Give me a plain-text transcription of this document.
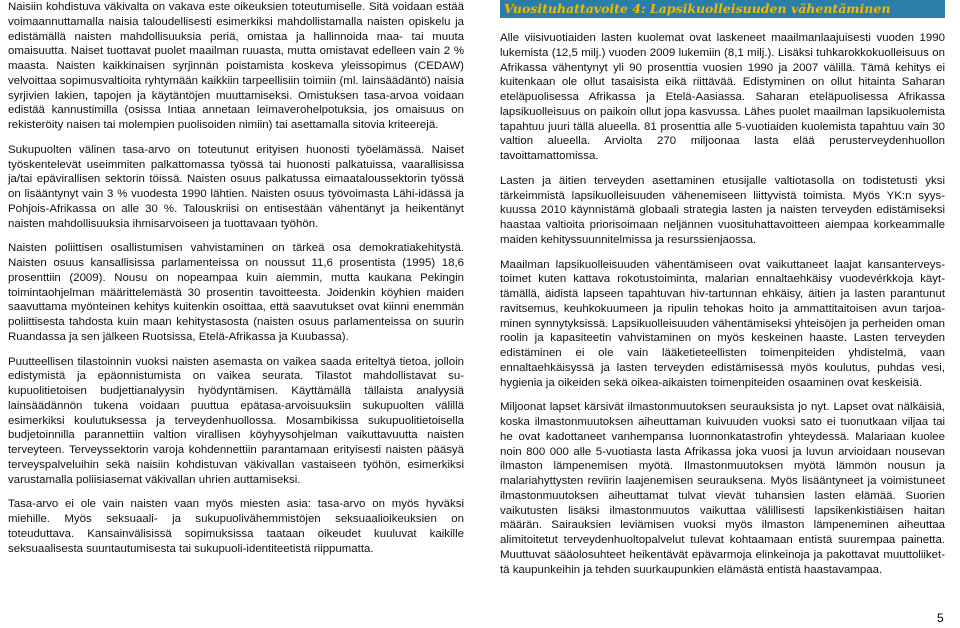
Naisiin kohdistuva väkivalta on vakava este oikeuksien toteutumiselle. Sitä voidaan estää voimaannuttamalla naisia taloudellisesti esimerkiksi mahdollistamalla naisten opiskelu ja edistämällä naisten mahdollisuuksia periä, omistaa ja hallinnoida maa- tai muuta omaisuutta. Naiset tuottavat puolet maailman ruuasta, mutta omistavat edelleen vain 2 % maasta. Naisten kaikkinaisen syrjinnän poistamista koskeva yleissopimus (CEDAW) velvoittaa sopimusvaltioita ryhtymään kaikkiin tarpeellisiin toimiin (ml. lainsäädäntö) naisia syrjivien lakien, tapojen ja käytäntöjen muuttamiseksi. Omistuksen tasa-arvoa voidaan edistää kannustimilla (osissa Intiaa annetaan leimaverohelpotuksia, jos omaisuus on rekisteröity naisen tai molempien puolisoiden nimiin) tai asettamalla sitovia kriteerejä.

Sukupuolten välinen tasa-arvo on toteutunut erityisen huonosti työelämässä. Naiset työskentelevät useimmiten palkattomassa työssä tai huonosti palkatuissa, vaarallisissa ja/tai epävirallisen sektorin töissä. Naisten osuus palkatussa eimaataloussektorin työssä on lisääntynyt vain 3 % vuodesta 1990 lähtien. Naisten osuus työvoimasta Lähi-idässä ja Pohjois-Afrikassa on alle 30 %. Talouskriisi on entisestään vähentänyt ja heikentänyt naisten mahdollisuuksia ihmisarvoiseen ja tuottavaan työhön.

Naisten poliittisen osallistumisen vahvistaminen on tärkeä osa demokratiakehitystä. Naisten osuus kansallisissa parlamenteissa on noussut 11,6 prosentista (1995) 18,6 prosenttiin (2009). Nousu on nopeampaa kuin aiemmin, mutta kaukana Pekingin toimintaohjelman määrittelemästä 30 prosentin tavoitteesta. Joidenkin köyhien maiden saavuttama myönteinen kehitys kuitenkin osoittaa, että saavutukset ovat kiinni enemmän poliittisesta tahdosta kuin maan kehitystasosta (naisten osuus parlamenteissa on suurin Ruandassa ja sen jälkeen Ruotsissa, Etelä-Afrikassa ja Kuubassa).

Puutteellisen tilastoinnin vuoksi naisten asemasta on vaikea saada eriteltyä tietoa, jolloin edistymistä ja epäonnistumista on vaikea seurata. Tilastot mahdollistavat sukupuolitietoisen budjettianalyysin hyödyntämisen. Käyttämällä tällaista analyysiä lainsäädännön tukena voidaan puuttua epätasa-arvoisuuksiin sukupuolten välillä esimerkiksi koulutuksessa ja terveydenhuollossa. Mosambikissa sukupuolitietoisella budjetoinnilla parannettiin valtion virallisen köyhyysohjelman vaikuttavuutta naisten terveyteen. Terveyssektorin varoja kohdennettiin parantamaan erityisesti naisten pääsyä terveyspalveluihin sekä naisiin kohdistuvan väkivallan vastaiseen työhön, esimerkiksi varustamalla poliisiasemat väkivallan uhrien auttamiseksi.

Tasa-arvo ei ole vain naisten vaan myös miesten asia: tasa-arvo on myös hyväksi miehille. Myös seksuaali- ja sukupuolivähemmistöjen seksuaalioikeuksien on toteuduttava. Kansainvälisissä sopimuksissa taataan oikeudet kuuluvat kaikille seksuaalisesta suuntautumisesta tai sukupuoli-identiteetistä riippumatta.

Vuosituhattavoite 4: Lapsikuolleisuuden vähentäminen

Alle viisivuotiaiden lasten kuolemat ovat laskeneet maailmanlaajuisesti vuoden 1990 lukemista (12,5 milj.) vuoden 2009 lukemiin (8,1 milj.). Lisäksi tuhkarokkokuolleisuus on Afrikassa vähentynyt yli 90 prosenttia vuosien 1990 ja 2007 välillä. Tämä kehitys ei kuitenkaan ole ollut tasaisista eikä riittävää. Edistyminen on ollut hitainta Saharan eteläpuolisessa Afrikassa ja Etelä-Aasiassa. Saharan eteläpuolisessa Afrikassa lapsikuolleisuus on paikoin ollut jopa kasvussa. Lähes puolet maailman lapsikuolemista tapahtuu juuri tällä alueella. 81 prosenttia alle 5-vuotiaiden kuolemista tapahtuu vain 30 valtion alueella. Arviolta 270 miljoonaa lasta elää perusterveydenhuollon tavoittamattomissa.

Lasten ja äitien terveyden asettaminen etusijalle valtiotasolla on todistetusti yksi tärkeimmistä lapsikuolleisuuden vähenemiseen liittyvistä toimista. Myös YK:n syyskuussa 2010 käynnistämä globaali strategia lasten ja naisten terveyden edistämiseksi haastaa valtioita priorisoimaan neljännen vuosituhattavoitteen aiempaa korkeammalle maiden kehityssuunnitelmissa ja resurssienjaossa.

Maailman lapsikuolleisuuden vähentämiseen ovat vaikuttaneet laajat kansanterveystoimet kuten kattava rokotustoiminta, malarian ennaltaehkäisy vuodevérkkoja käyttämällä, äidistä lapseen tapahtuvan hiv-tartunnan ehkäisy, äitien ja lasten parantunut ravitsemus, keuhkokuumeen ja ripulin tehokas hoito ja ammattitaitoisen avun tarjoaminen synnytyksissä. Lapsikuolleisuuden vähentämiseksi yhteisöjen ja perheiden oman roolin ja kapasiteetin vahvistaminen on myös keskeinen haaste. Lasten terveyden edistäminen ei ole vain lääketieteellisten toimenpiteiden yhdistelmä, vaan ennaltaehkäisyssä ja lasten terveyden edistämisessä myös koulutus, puhdas vesi, hygienia ja oikeiden sekä oikea-aikaisten toimenpiteiden osaaminen ovat keskeisiä.

Miljoonat lapset kärsivät ilmastonmuutoksen seurauksista jo nyt. Lapset ovat nälkäisiä, koska ilmastonmuutoksen aiheuttaman kuivuuden vuoksi sato ei tuonutkaan viljaa tai he ovat kadottaneet vanhempansa luonnonkatastrofin yhteydessä. Malariaan kuolee noin 800 000 alle 5-vuotiasta lasta Afrikassa joka vuosi ja luvun arvioidaan nousevan ilmaston lämpenemisen myötä. Ilmastonmuutoksen myötä lämmön nousun ja malariahyttysten reviirin laajenemisen seurauksena. Myös lisääntyneet ja voimistuneet ilmastonmuutoksen aiheuttamat tulvat vievät tuhansien lasten elämää. Suorien vaikutusten lisäksi ilmastonmuutos vaikuttaa välillisesti lapsikenkistiäisen haitan määrän. Sairauksien leviämisen vuoksi myös ilmaston lämpeneminen aiheuttaa alimitoitetut terveydenhuoltopalvelut tulevat kohtaamaan entistä suurempaa painetta. Muuttuvat sääolosuhteet heikentävät epävarmoja elinkeinoja ja pakottavat muuttoliikettä kaupunkeihin ja tehden suurkaupunkien elämästä entistä haastavampaa.

5
